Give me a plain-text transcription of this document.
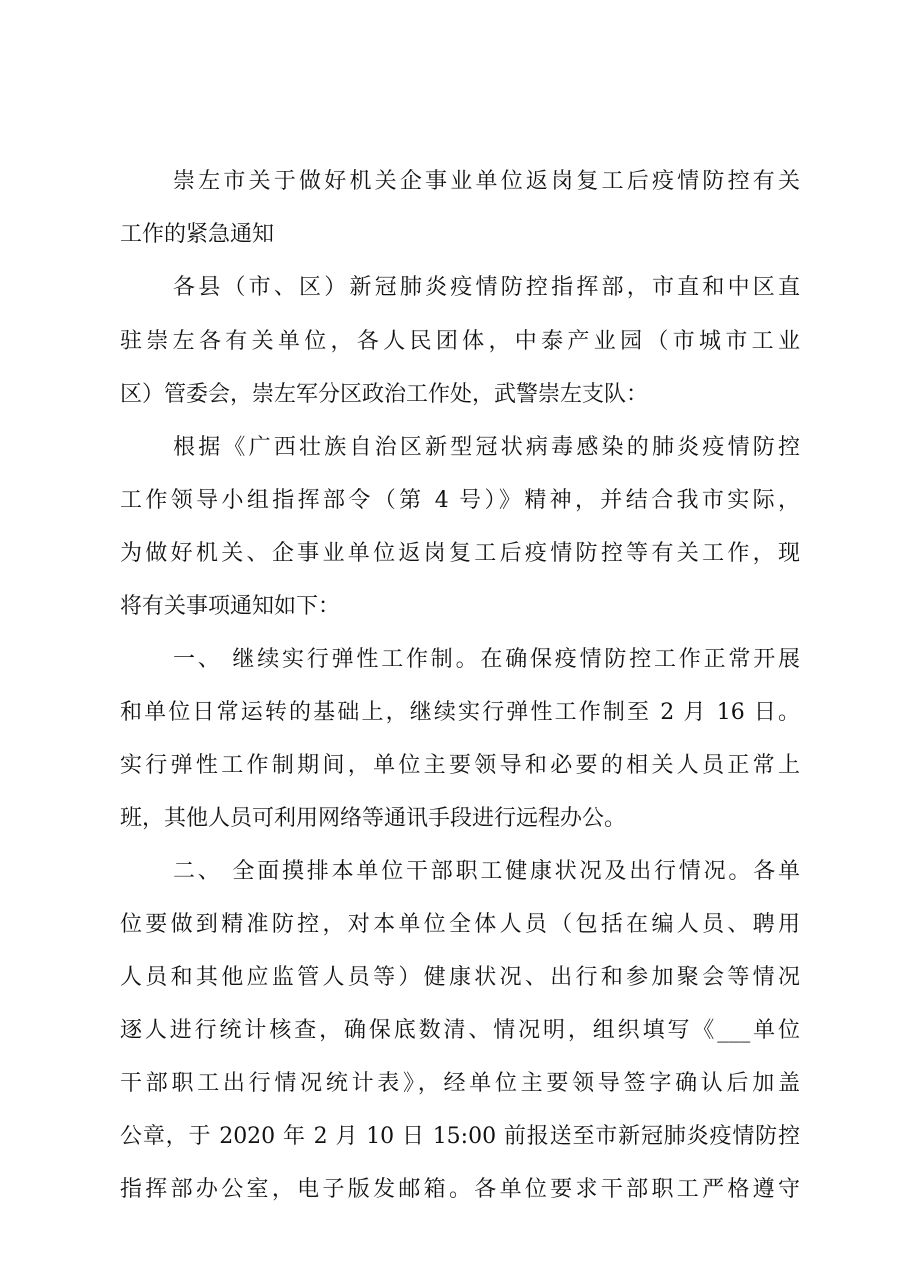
崇左市关于做好机关企事业单位返岗复工后疫情防控有关
工作的紧急通知
各县（市、区）新冠肺炎疫情防控指挥部，市直和中区直
驻崇左各有关单位，各人民团体，中泰产业园（市城市工业
区）管委会，崇左军分区政治工作处，武警崇左支队：
根据《广西壮族自治区新型冠状病毒感染的肺炎疫情防控
工作领导小组指挥部令（第 4 号）》精神，并结合我市实际，
为做好机关、企事业单位返岗复工后疫情防控等有关工作，现
将有关事项通知如下：
一、 继续实行弹性工作制。在确保疫情防控工作正常开展
和单位日常运转的基础上，继续实行弹性工作制至 2 月 16 日。
实行弹性工作制期间，单位主要领导和必要的相关人员正常上
班，其他人员可利用网络等通讯手段进行远程办公。
二、 全面摸排本单位干部职工健康状况及出行情况。各单
位要做到精准防控，对本单位全体人员（包括在编人员、聘用
人员和其他应监管人员等）健康状况、出行和参加聚会等情况
逐人进行统计核查，确保底数清、情况明，组织填写《___单位
干部职工出行情况统计表》，经单位主要领导签字确认后加盖
公章，于 2020 年 2 月 10 日 15:00 前报送至市新冠肺炎疫情防控
指挥部办公室，电子版发邮箱。各单位要求干部职工严格遵守
